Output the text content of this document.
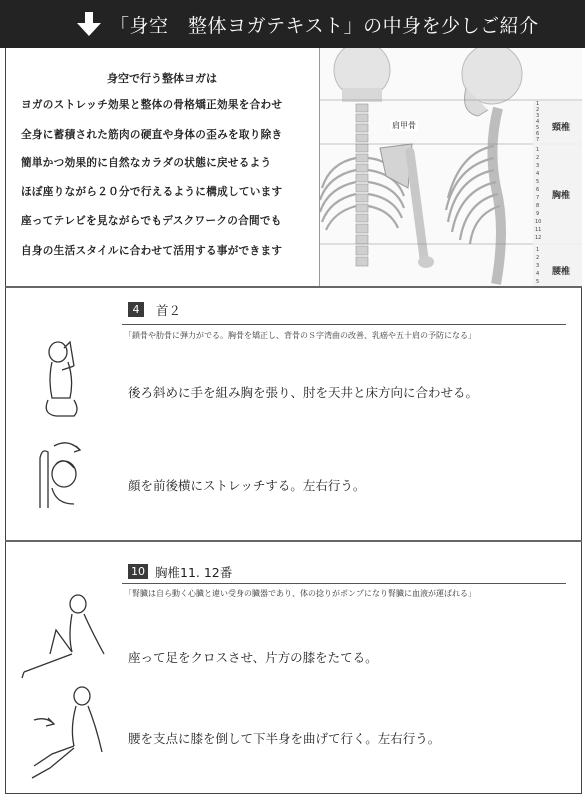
「身空　整体ヨガテキスト」の中身を少しご紹介
身空で行う整体ヨガは
ヨガのストレッチ効果と整体の骨格矯正効果を合わせ
全身に蓄積された筋肉の硬直や身体の歪みを取り除き
簡単かつ効果的に自然なカラダの状態に戻せるよう
ほぼ座りながら２０分で行えるように構成しています
座ってテレビを見ながらでもデスクワークの合間でも
自身の生活スタイルに合わせて活用する事ができます
肩甲骨	頸椎
胸椎
腰椎
1
2
3
4
5
6
7
1
2
3
4
5
6
7
8
9
10
11
12
1
2
3
4
5
4	首２
「鎖骨や肋骨に弾力がでる。胸骨を矯正し、背骨のＳ字湾曲の改善、乳癌や五十肩の予防になる」
後ろ斜めに手を組み胸を張り、肘を天井と床方向に合わせる。
顔を前後横にストレッチする。左右行う。
10 胸椎11. 12番
「腎臓は自ら動く心臓と違い受身の臓器であり、体の捻りがポンプになり腎臓に血液が運ばれる」
座って足をクロスさせ、片方の膝をたてる。
腰を支点に膝を倒して下半身を曲げて行く。左右行う。
